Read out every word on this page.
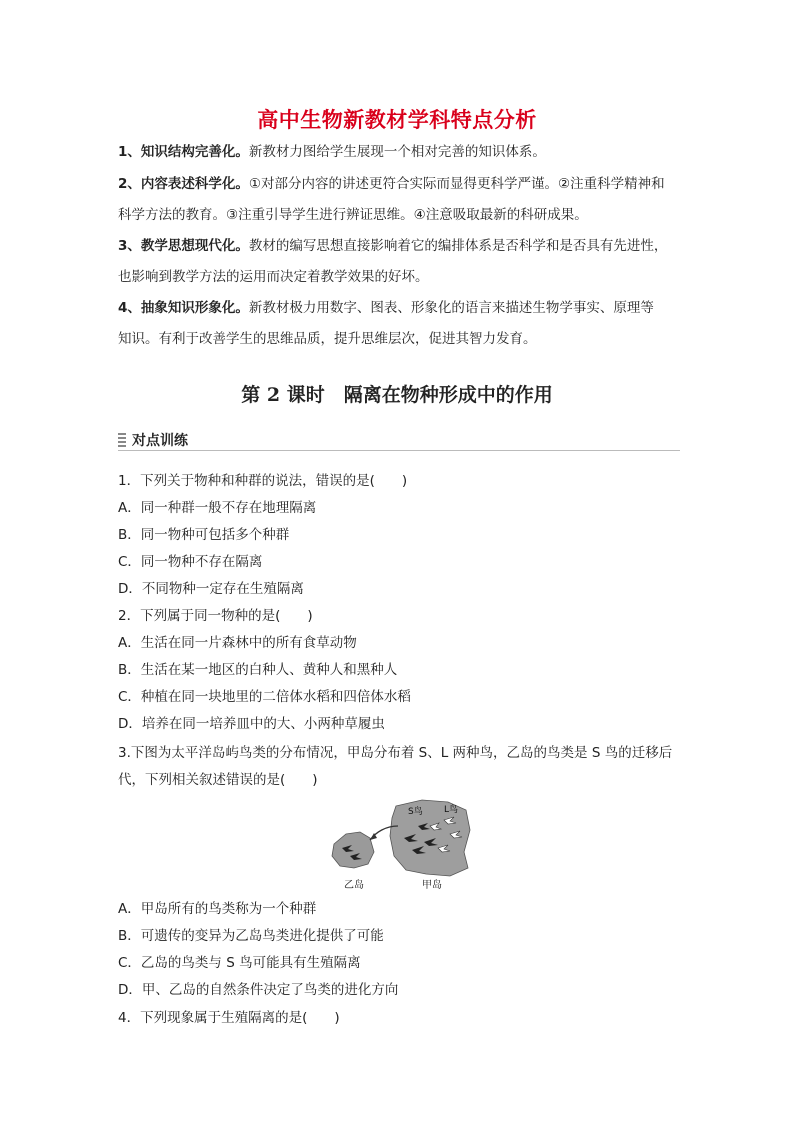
高中生物新教材学科特点分析
1、知识结构完善化。新教材力图给学生展现一个相对完善的知识体系。
2、内容表述科学化。①对部分内容的讲述更符合实际而显得更科学严谨。②注重科学精神和
科学方法的教育。③注重引导学生进行辨证思维。④注意吸取最新的科研成果。
3、教学思想现代化。教材的编写思想直接影响着它的编排体系是否科学和是否具有先进性，
也影响到教学方法的运用而决定着教学效果的好坏。
4、抽象知识形象化。新教材极力用数字、图表、形象化的语言来描述生物学事实、原理等
知识。有利于改善学生的思维品质，提升思维层次，促进其智力发育。
第 2 课时　隔离在物种形成中的作用
对点训练
1．下列关于物种和种群的说法，错误的是(　　)
A．同一种群一般不存在地理隔离
B．同一物种可包括多个种群
C．同一物种不存在隔离
D．不同物种一定存在生殖隔离
2．下列属于同一物种的是(　　)
A．生活在同一片森林中的所有食草动物
B．生活在某一地区的白种人、黄种人和黑种人
C．种植在同一块地里的二倍体水稻和四倍体水稻
D．培养在同一培养皿中的大、小两种草履虫
3.下图为太平洋岛屿鸟类的分布情况，甲岛分布着 S、L 两种鸟，乙岛的鸟类是 S 鸟的迁移后
代，下列相关叙述错误的是(　　)
S鸟 L鸟
乙岛	甲岛
A．甲岛所有的鸟类称为一个种群
B．可遗传的变异为乙岛鸟类进化提供了可能
C．乙岛的鸟类与 S 鸟可能具有生殖隔离
D．甲、乙岛的自然条件决定了鸟类的进化方向
4．下列现象属于生殖隔离的是(　　)
